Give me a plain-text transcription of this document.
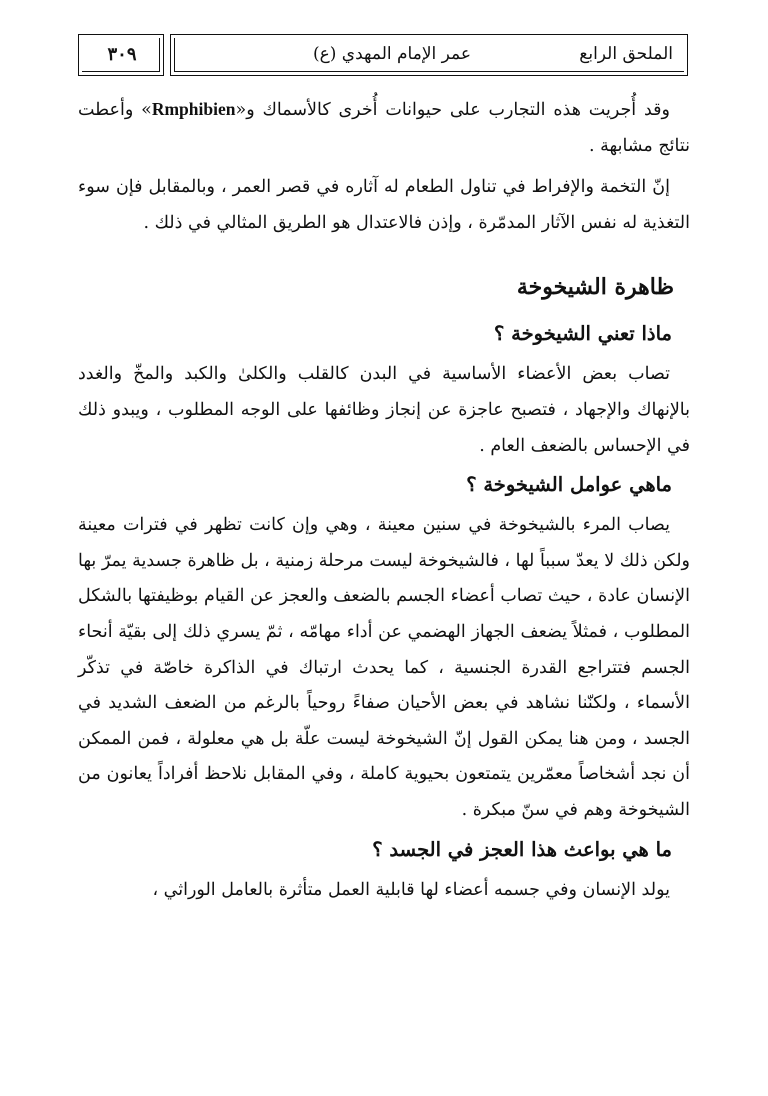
الملحق الرابع
عمر الإمام المهدي (ع)
٣٠٩

وقد أُجريت هذه التجارب على حيوانات أُخرى كالأسماك و«Rmphibien» وأعطت نتائج مشابهة .

إنّ التخمة والإفراط في تناول الطعام له آثاره في قصر العمر ، وبالمقابل فإن سوء التغذية له نفس الآثار المدمّرة ، وإذن فالاعتدال هو الطريق المثالي في ذلك .

ظاهرة الشيخوخة
ماذا تعني الشيخوخة ؟

تصاب بعض الأعضاء الأساسية في البدن كالقلب والكلىٰ والكبد والمخّ والغدد بالإنهاك والإجهاد ، فتصبح عاجزة عن إنجاز وظائفها على الوجه المطلوب ، ويبدو ذلك في الإحساس بالضعف العام .

ماهي عوامل الشيخوخة ؟

يصاب المرء بالشيخوخة في سنين معينة ، وهي وإن كانت تظهر في فترات معينة ولكن ذلك لا يعدّ سبباً لها ، فالشيخوخة ليست مرحلة زمنية ، بل ظاهرة جسدية يمرّ بها الإنسان عادة ، حيث تصاب أعضاء الجسم بالضعف والعجز عن القيام بوظيفتها بالشكل المطلوب ، فمثلاً يضعف الجهاز الهضمي عن أداء مهامّه ، ثمّ يسري ذلك إلى بقيّة أنحاء الجسم فتتراجع القدرة الجنسية ، كما يحدث ارتباك في الذاكرة خاصّة في تذكّر الأسماء ، ولكنّنا نشاهد في بعض الأحيان صفاءً روحياً بالرغم من الضعف الشديد في الجسد ، ومن هنا يمكن القول إنّ الشيخوخة ليست علّة بل هي معلولة ، فمن الممكن أن نجد أشخاصاً معمّرين يتمتعون بحيوية كاملة ، وفي المقابل نلاحظ أفراداً يعانون من الشيخوخة وهم في سنّ مبكرة .

ما هي بواعث هذا العجز في الجسد ؟

يولد الإنسان وفي جسمه أعضاء لها قابلية العمل متأثرة بالعامل الوراثي ،
